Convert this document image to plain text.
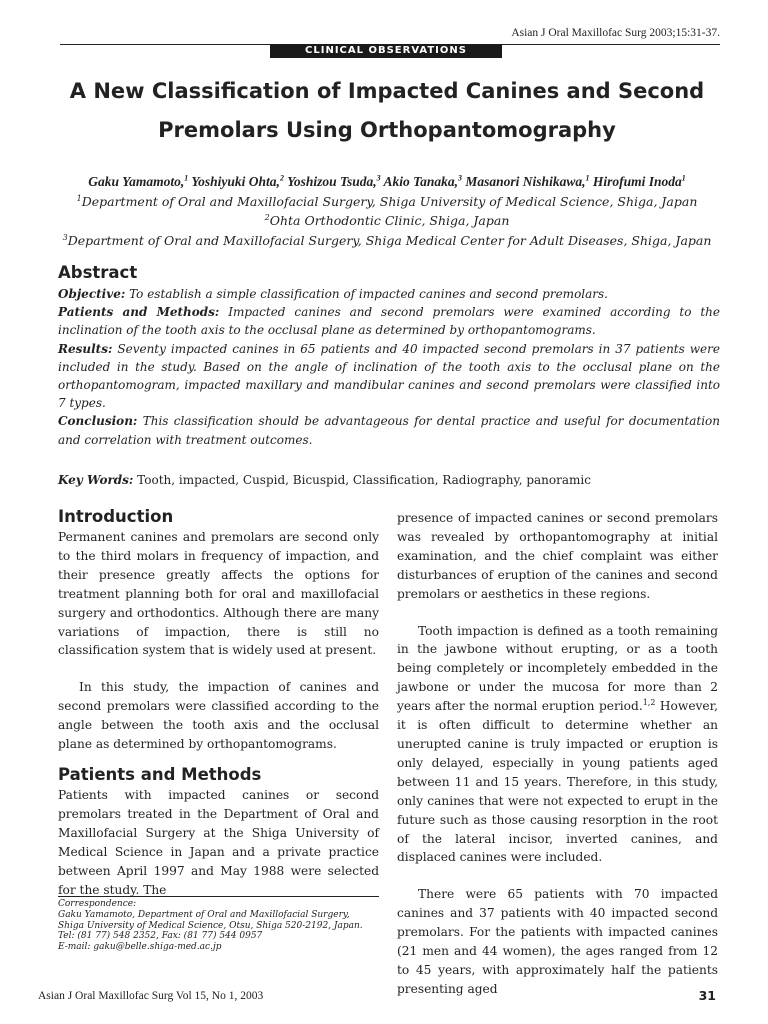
Asian J Oral Maxillofac Surg 2003;15:31-37.
CLINICAL OBSERVATIONS
A New Classification of Impacted Canines and Second Premolars Using Orthopantomography
Gaku Yamamoto,$^1$ Yoshiyuki Ohta,$^2$ Yoshizou Tsuda,$^3$ Akio Tanaka,$^3$ Masanori Nishikawa,$^1$ Hirofumi Inoda$^1$
$^1$Department of Oral and Maxillofacial Surgery, Shiga University of Medical Science, Shiga, Japan
$^2$Ohta Orthodontic Clinic, Shiga, Japan
$^3$Department of Oral and Maxillofacial Surgery, Shiga Medical Center for Adult Diseases, Shiga, Japan
Abstract

Objective: To establish a simple classification of impacted canines and second premolars.

Patients and Methods: Impacted canines and second premolars were examined according to the inclination of the tooth axis to the occlusal plane as determined by orthopantomograms.

Results: Seventy impacted canines in 65 patients and 40 impacted second premolars in 37 patients were included in the study. Based on the angle of inclination of the tooth axis to the occlusal plane on the orthopantomogram, impacted maxillary and mandibular canines and second premolars were classified into 7 types.

Conclusion: This classification should be advantageous for dental practice and useful for documentation and correlation with treatment outcomes.

Key Words: Tooth, impacted, Cuspid, Bicuspid, Classification, Radiography, panoramic
Introduction

Permanent canines and premolars are second only to the third molars in frequency of impaction, and their presence greatly affects the options for treatment planning both for oral and maxillofacial surgery and orthodontics. Although there are many variations of impaction, there is still no classification system that is widely used at present.

In this study, the impaction of canines and second premolars were classified according to the angle between the tooth axis and the occlusal plane as determined by orthopantomograms.

Patients and Methods

Patients with impacted canines or second premolars treated in the Department of Oral and Maxillofacial Surgery at the Shiga University of Medical Science in Japan and a private practice between April 1997 and May 1988 were selected for the study. The

Correspondence:
Gaku Yamamoto, Department of Oral and Maxillofacial Surgery,
Shiga University of Medical Science, Otsu, Shiga 520-2192, Japan.
Tel: (81 77) 548 2352, Fax: (81 77) 544 0957
E-mail: gaku@belle.shiga-med.ac.jp

presence of impacted canines or second premolars was revealed by orthopantomography at initial examination, and the chief complaint was either disturbances of eruption of the canines and second premolars or aesthetics in these regions.

Tooth impaction is defined as a tooth remaining in the jawbone without erupting, or as a tooth being completely or incompletely embedded in the jawbone or under the mucosa for more than 2 years after the normal eruption period.$^{1,2}$ However, it is often difficult to determine whether an unerupted canine is truly impacted or eruption is only delayed, especially in young patients aged between 11 and 15 years. Therefore, in this study, only canines that were not expected to erupt in the future such as those causing resorption in the root of the lateral incisor, inverted canines, and displaced canines were included.

There were 65 patients with 70 impacted canines and 37 patients with 40 impacted second premolars. For the patients with impacted canines (21 men and 44 women), the ages ranged from 12 to 45 years, with approximately half the patients presenting aged

Asian J Oral Maxillofac Surg Vol 15, No 1, 2003	31
